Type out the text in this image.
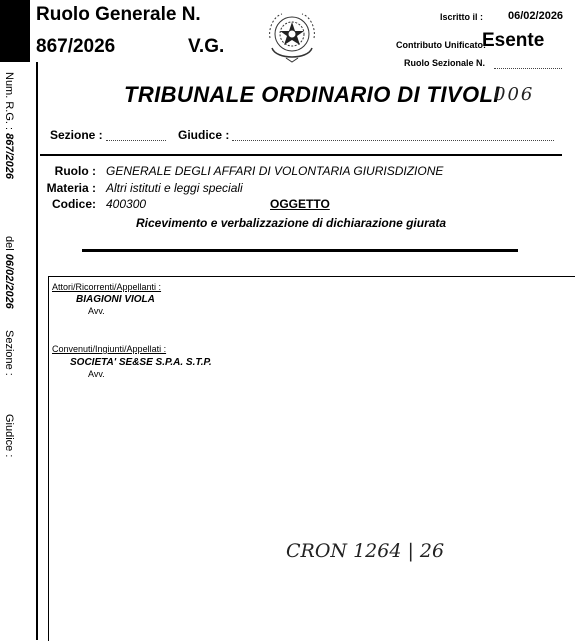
Num. R.G. : 867/2026
del 06/02/2026
Sezione :
Giudice :
Ruolo Generale N.
867/2026	V.G.
Iscritto il : 06/02/2026
Contributo Unificato:
Esente
Ruolo Sezionale N.
TRIBUNALE ORDINARIO DI TIVOLI
006
Sezione :	Giudice :
Ruolo : GENERALE DEGLI AFFARI DI VOLONTARIA GIURISDIZIONE
Materia : Altri istituti e leggi speciali
Codice: 400300	OGGETTO
Ricevimento e verbalizzazione di dichiarazione giurata
Attori/Ricorrenti/Appellanti :
BIAGIONI VIOLA
Avv.
Convenuti/Ingiunti/Appellati :
SOCIETA' SE&SE S.P.A. S.T.P.
Avv.
CRON 1264 | 26
